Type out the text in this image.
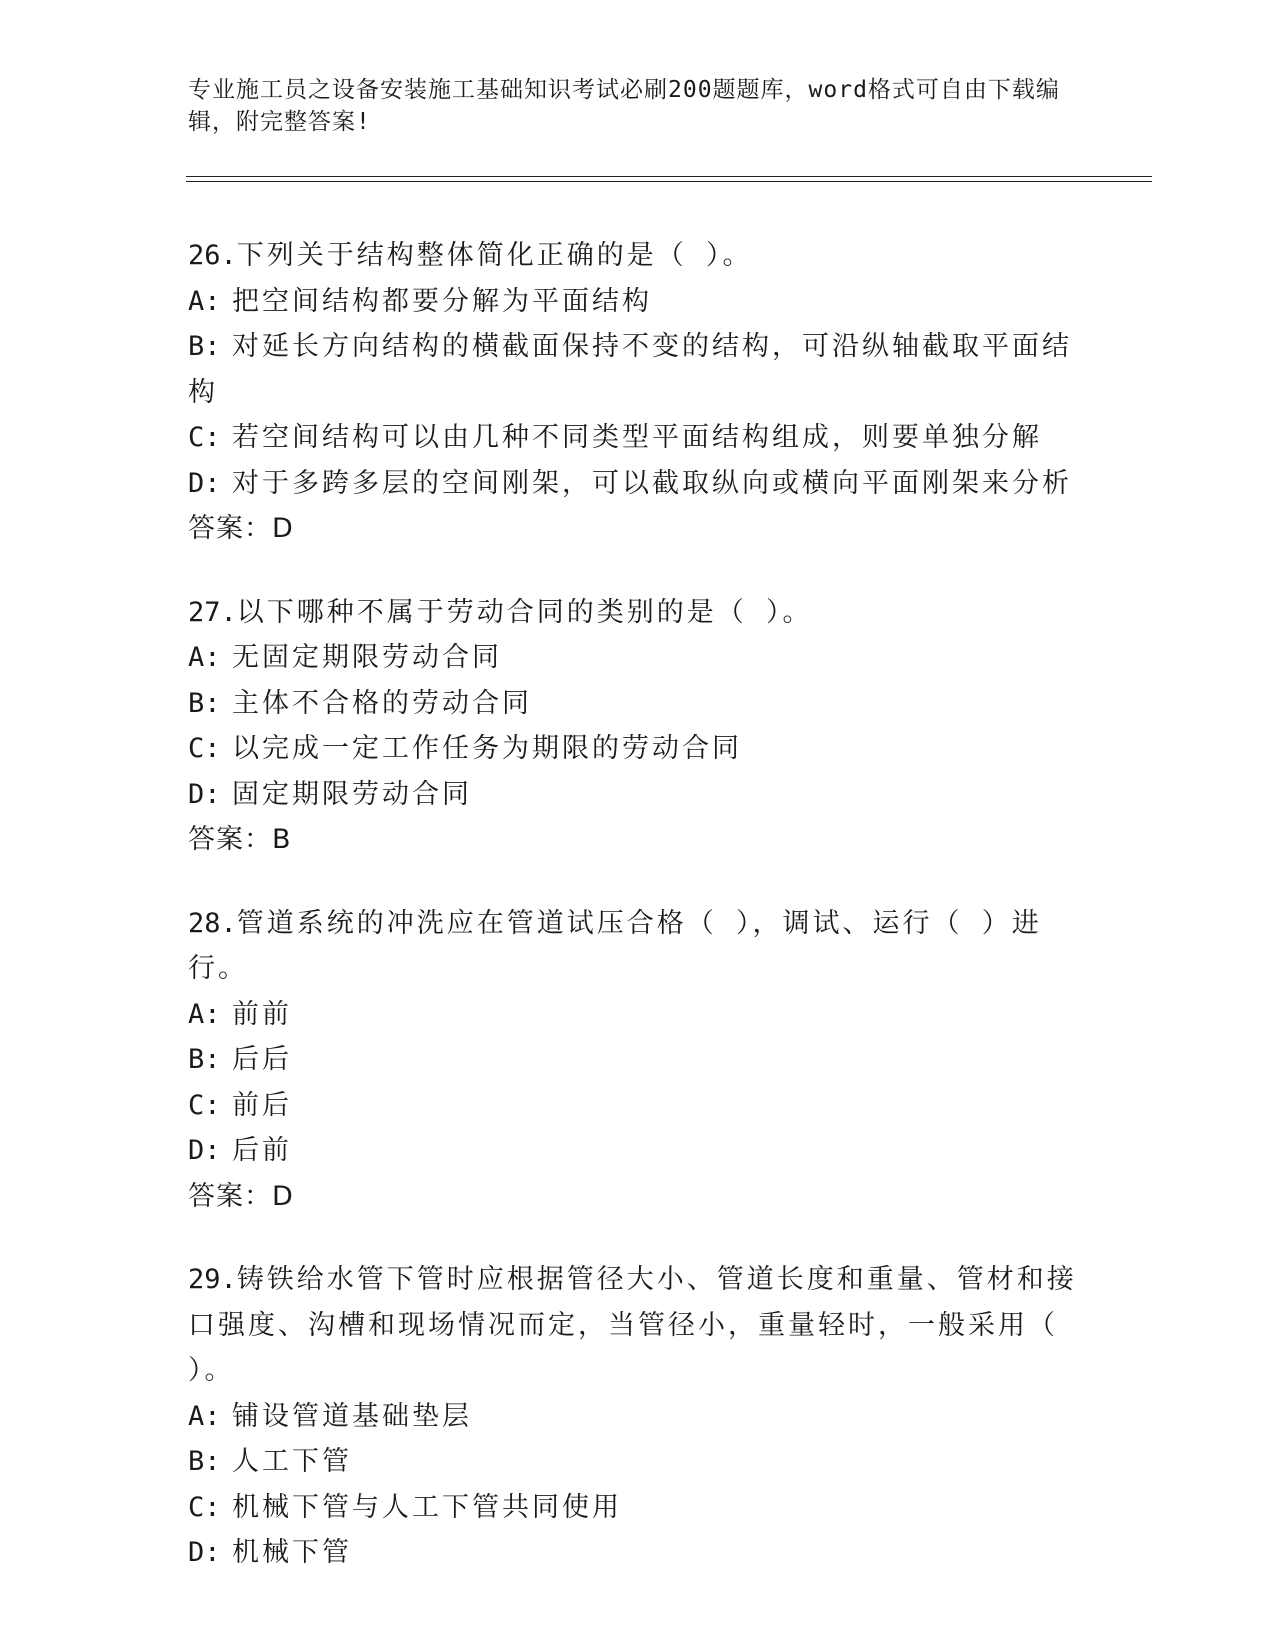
专业施工员之设备安装施工基础知识考试必刷200题题库，word格式可自由下载编辑，附完整答案!
26.下列关于结构整体简化正确的是（ ）。
A: 把空间结构都要分解为平面结构
B: 对延长方向结构的横截面保持不变的结构，可沿纵轴截取平面结构
C: 若空间结构可以由几种不同类型平面结构组成，则要单独分解
D: 对于多跨多层的空间刚架，可以截取纵向或横向平面刚架来分析
答案：D
27.以下哪种不属于劳动合同的类别的是（ ）。
A: 无固定期限劳动合同
B: 主体不合格的劳动合同
C: 以完成一定工作任务为期限的劳动合同
D: 固定期限劳动合同
答案：B
28.管道系统的冲洗应在管道试压合格（ ），调试、运行（ ）进行。
A: 前前
B: 后后
C: 前后
D: 后前
答案：D
29.铸铁给水管下管时应根据管径大小、管道长度和重量、管材和接口强度、沟槽和现场情况而定，当管径小，重量轻时，一般采用（ ）。
A: 铺设管道基础垫层
B: 人工下管
C: 机械下管与人工下管共同使用
D: 机械下管
